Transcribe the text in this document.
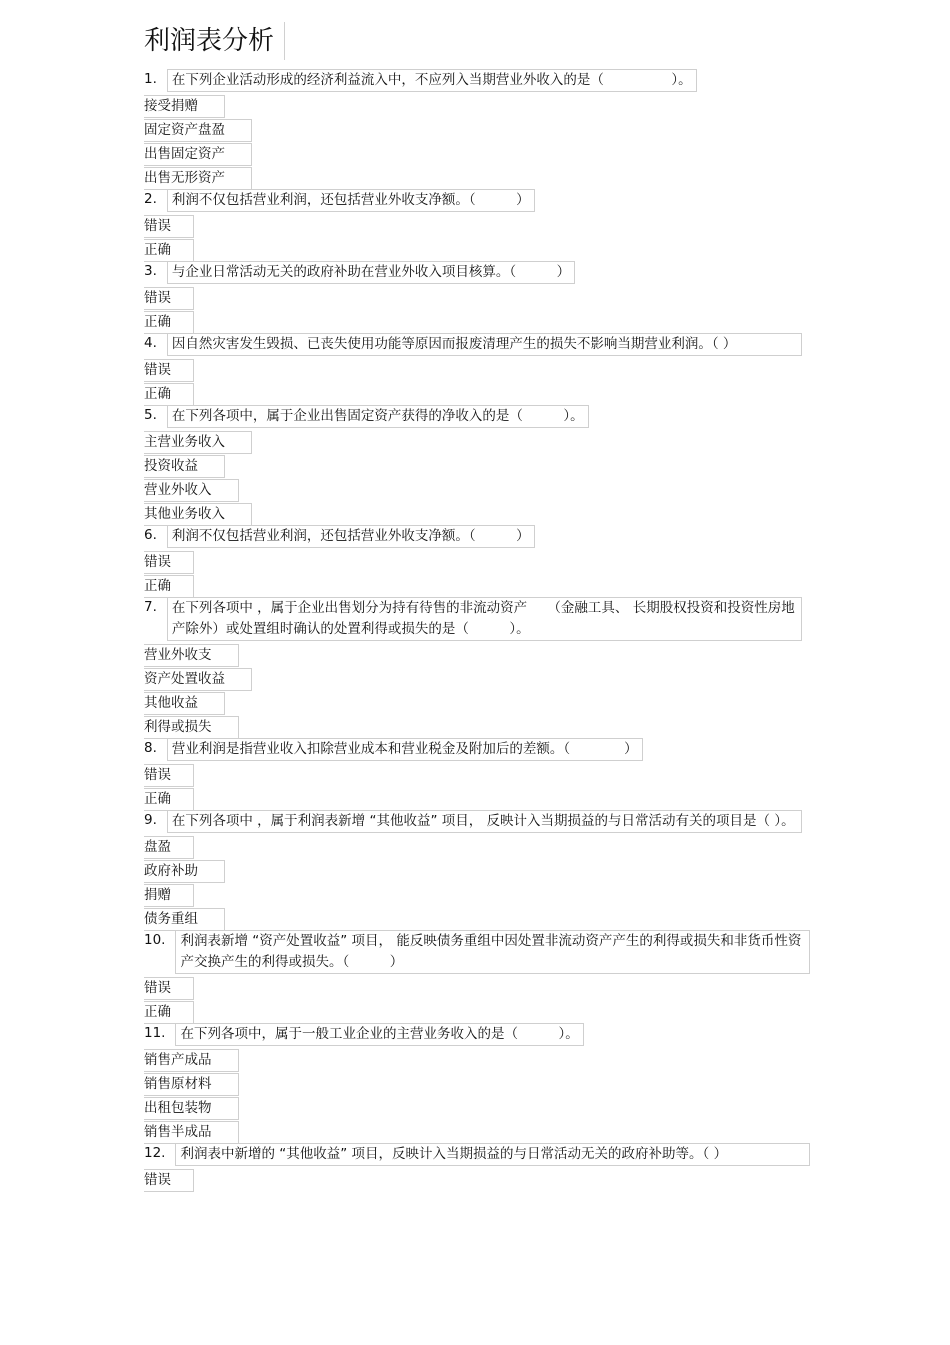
利润表分析
1.	在下列企业活动形成的经济利益流入中，不应列入当期营业外收入的是（　　　　　）。
接受捐赠
固定资产盘盈
出售固定资产
出售无形资产
2.	利润不仅包括营业利润，还包括营业外收支净额。（　　　）
错误
正确
3.	与企业日常活动无关的政府补助在营业外收入项目核算。（　　　）
错误
正确
4.	因自然灾害发生毁损、已丧失使用功能等原因而报废清理产生的损失不影响当期营业利润。（ ）
错误
正确
5.	在下列各项中，属于企业出售固定资产获得的净收入的是（　　　）。
主营业务收入
投资收益
营业外收入
其他业务收入
6.	利润不仅包括营业利润，还包括营业外收支净额。（　　　）
错误
正确
7.	在下列各项中 ，属于企业出售划分为持有待售的非流动资产　　（金融工具、 长期股权投资和投资性房地产除外）或处置组时确认的处置利得或损失的是（　　　）。
营业外收支
资产处置收益
其他收益
利得或损失
8.	营业利润是指营业收入扣除营业成本和营业税金及附加后的差额。（　　　　）
错误
正确
9.	在下列各项中 ，属于利润表新增 “其他收益” 项目， 反映计入当期损益的与日常活动有关的项目是（ ）。
盘盈
政府补助
捐赠
债务重组
10.	利润表新增 “资产处置收益” 项目， 能反映债务重组中因处置非流动资产产生的利得或损失和非货币性资产交换产生的利得或损失。（　　　）
错误
正确
11.	在下列各项中，属于一般工业企业的主营业务收入的是（　　　）。
销售产成品
销售原材料
出租包装物
销售半成品
12.	利润表中新增的 “其他收益” 项目，反映计入当期损益的与日常活动无关的政府补助等。（ ）
错误
